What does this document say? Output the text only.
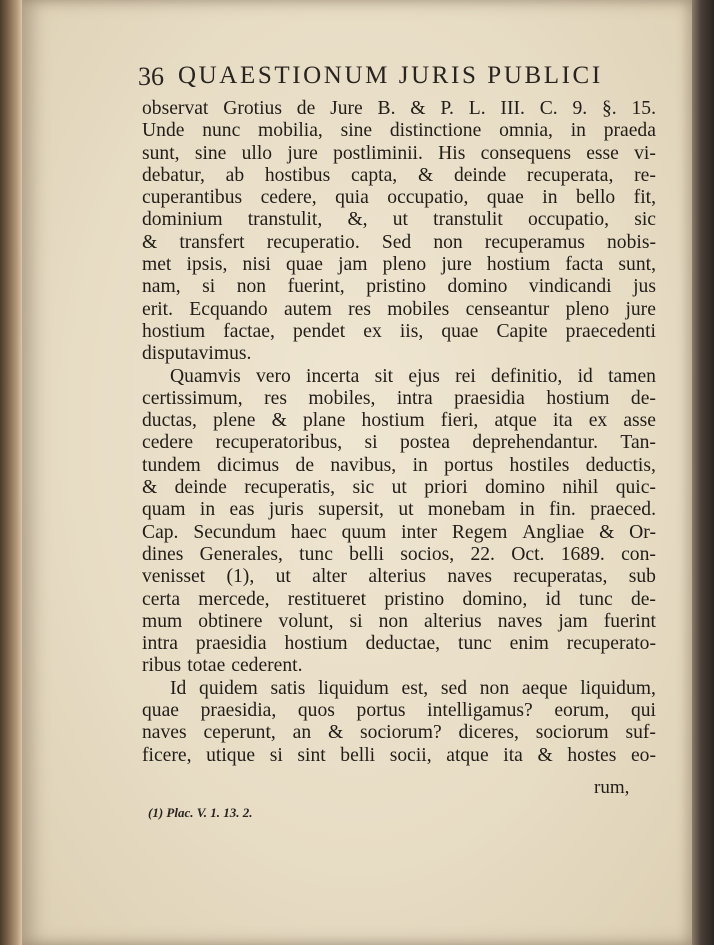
36 QUAESTIONUM JURIS PUBLICI
observat Grotius de Jure B. & P. L. III. C. 9. §. 15.
Unde nunc mobilia, sine distinctione omnia, in praeda
sunt, sine ullo jure postliminii. His consequens esse vi-
debatur, ab hostibus capta, & deinde recuperata, re-
cuperantibus cedere, quia occupatio, quae in bello fit,
dominium transtulit, &, ut transtulit occupatio, sic
& transfert recuperatio. Sed non recuperamus nobis-
met ipsis, nisi quae jam pleno jure hostium facta sunt,
nam, si non fuerint, pristino domino vindicandi jus
erit. Ecquando autem res mobiles censeantur pleno jure
hostium factae, pendet ex iis, quae Capite praecedenti
disputavimus.
Quamvis vero incerta sit ejus rei definitio, id tamen
certissimum, res mobiles, intra praesidia hostium de-
ductas, plene & plane hostium fieri, atque ita ex asse
cedere recuperatoribus, si postea deprehendantur. Tan-
tundem dicimus de navibus, in portus hostiles deductis,
& deinde recuperatis, sic ut priori domino nihil quic-
quam in eas juris supersit, ut monebam in fin. praeced.
Cap. Secundum haec quum inter Regem Angliae & Or-
dines Generales, tunc belli socios, 22. Oct. 1689. con-
venisset (1), ut alter alterius naves recuperatas, sub
certa mercede, restitueret pristino domino, id tunc de-
mum obtinere volunt, si non alterius naves jam fuerint
intra praesidia hostium deductae, tunc enim recuperato-
ribus totae cederent.
Id quidem satis liquidum est, sed non aeque liquidum,
quae praesidia, quos portus intelligamus? eorum, qui
naves ceperunt, an & sociorum? diceres, sociorum suf-
ficere, utique si sint belli socii, atque ita & hostes eo-
rum,
(1) Plac. V. 1. 13. 2.
